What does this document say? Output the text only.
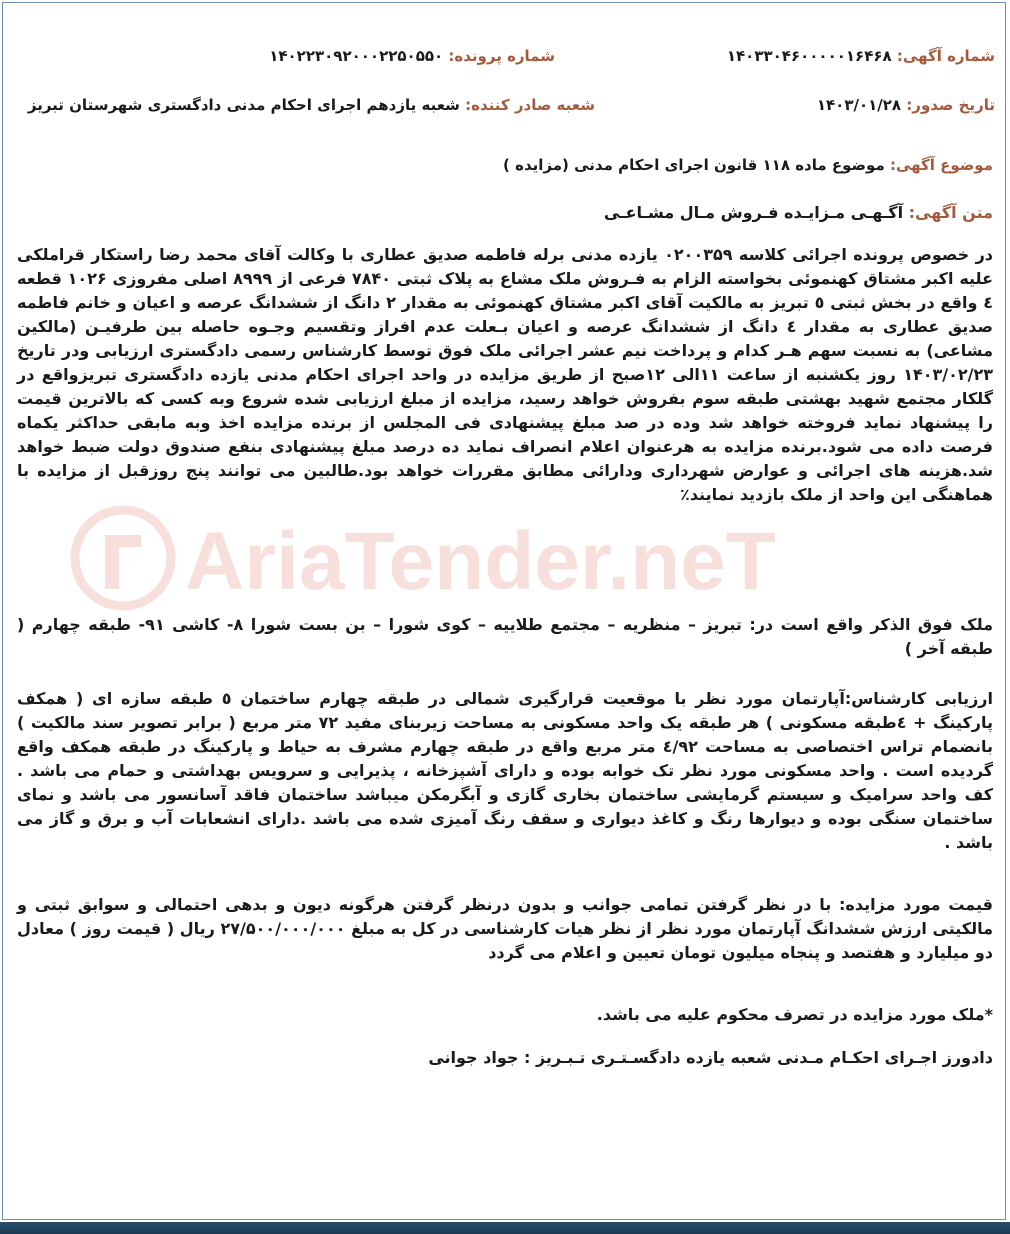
AriaTender.neT
شماره آگهی: ۱۴۰۳۳۰۴۶۰۰۰۰۰۱۶۴۶۸
شماره پرونده: ۱۴۰۲۲۳۰۹۲۰۰۰۲۲۵۰۵۵۰
تاریخ صدور: ۱۴۰۳/۰۱/۲۸
شعبه صادر کننده: شعبه یازدهم اجرای احکام مدنی دادگستری شهرستان تبریز
موضوع آگهی: موضوع ماده ۱۱۸ قانون اجرای احکام مدنی (مزایده )
متن آگهی: آگـهـی مـزایـده فـروش مـال مشـاعـی
در خصوص پرونده اجرائی کلاسه ۰۲۰۰۳۵۹ یازده مدنی برله فاطمه صدیق عطاری با وکالت آقای محمد رضا راستکار قراملکی علیه اکبر مشتاق کهنموئی بخواسته الزام به فـروش ملک مشاع به پلاک ثبتی ۷۸۴۰ فرعی از ۸۹۹۹ اصلی مفروزی ۱۰۲۶ قطعه ٤ واقع در بخش ثبتی ٥ تبریز به مالکیت آقای اکبر مشتاق کهنموئی به مقدار ۲ دانگ از ششدانگ عرصه و اعیان و خانم فاطمه صدیق عطاری به مقدار ٤ دانگ از ششدانگ عرصه و اعیان بـعلت عدم افراز وتقسیم وجـوه حاصله بین طرفیـن (مالکین مشاعی) به نسبت سهم هـر کدام و پرداخت نیم عشر اجرائی ملک فوق توسط کارشناس رسمی دادگستری ارزیابی ودر تاریخ ۱۴۰۳/۰۲/۲۳ روز یکشنبه از ساعت ۱۱الی ۱۲صبح از طریق مزایده در واحد اجرای احکام مدنی یازده دادگستری تبریزواقع در گلکار مجتمع شهید بهشتی طبقه سوم بفروش خواهد رسید، مزایده از مبلغ ارزیابی شده شروع وبه کسی که بالاترین قیمت را پیشنهاد نماید فروخته خواهد شد وده در صد مبلغ پیشنهادی فی المجلس از برنده مزایده اخذ وبه مابقی حداکثر یکماه فرصت داده می شود.برنده مزایده به هرعنوان اعلام انصراف نماید ده درصد مبلغ پیشنهادی بنفع صندوق دولت ضبط خواهد شد.هزینه های اجرائی و عوارض شهرداری ودارائی مطابق مقررات خواهد بود.طالبین می توانند پنج روزقبل از مزایده با هماهنگی این واحد از ملک بازدید نمایند٪
ملک فوق الذکر واقع است در: تبریز – منظریه – مجتمع طلاییه – کوی شورا – بن بست شورا ۸- کاشی ۹۱- طبقه چهارم ( طبقه آخر )
ارزیابی کارشناس:آپارتمان مورد نظر با موقعیت قرارگیری شمالی در طبقه چهارم ساختمان ٥ طبقه سازه ای ( همکف پارکینگ + ٤طبقه مسکونی ) هر طبقه یک واحد مسکونی به مساحت زیربنای مفید ۷۲ متر مربع ( برابر تصویر سند مالکیت ) بانضمام تراس اختصاصی به مساحت ٤/۹۲ متر مربع واقع در طبقه چهارم مشرف به حیاط و پارکینگ در طبقه همکف واقع گردیده است . واحد مسکونی مورد نظر تک خوابه بوده و دارای آشپزخانه ، پذیرایی و سرویس بهداشتی و حمام می باشد . کف واحد سرامیک و سیستم گرمایشی ساختمان بخاری گازی و آبگرمکن میباشد ساختمان فاقد آسانسور می باشد و نمای ساختمان سنگی بوده و دیوارها رنگ و کاغذ دیواری و سقف رنگ آمیزی شده می باشد .دارای انشعابات آب و برق و گاز می باشد .
قیمت مورد مزایده: با در نظر گرفتن تمامی جوانب و بدون درنظر گرفتن هرگونه دیون و بدهی احتمالی و سوابق ثبتی و مالکیتی ارزش ششدانگ آپارتمان مورد نظر از نظر هیات کارشناسی در کل به مبلغ ۲۷/۵۰۰/۰۰۰/۰۰۰ ریال ( قیمت روز ) معادل دو میلیارد و هفتصد و پنجاه میلیون تومان تعیین و اعلام می گردد
*ملک مورد مزایده در تصرف محکوم علیه می باشد.
دادورز اجـرای احکـام مـدنی شعبه یازده دادگسـتـری تـبـریز : جواد جوانی
